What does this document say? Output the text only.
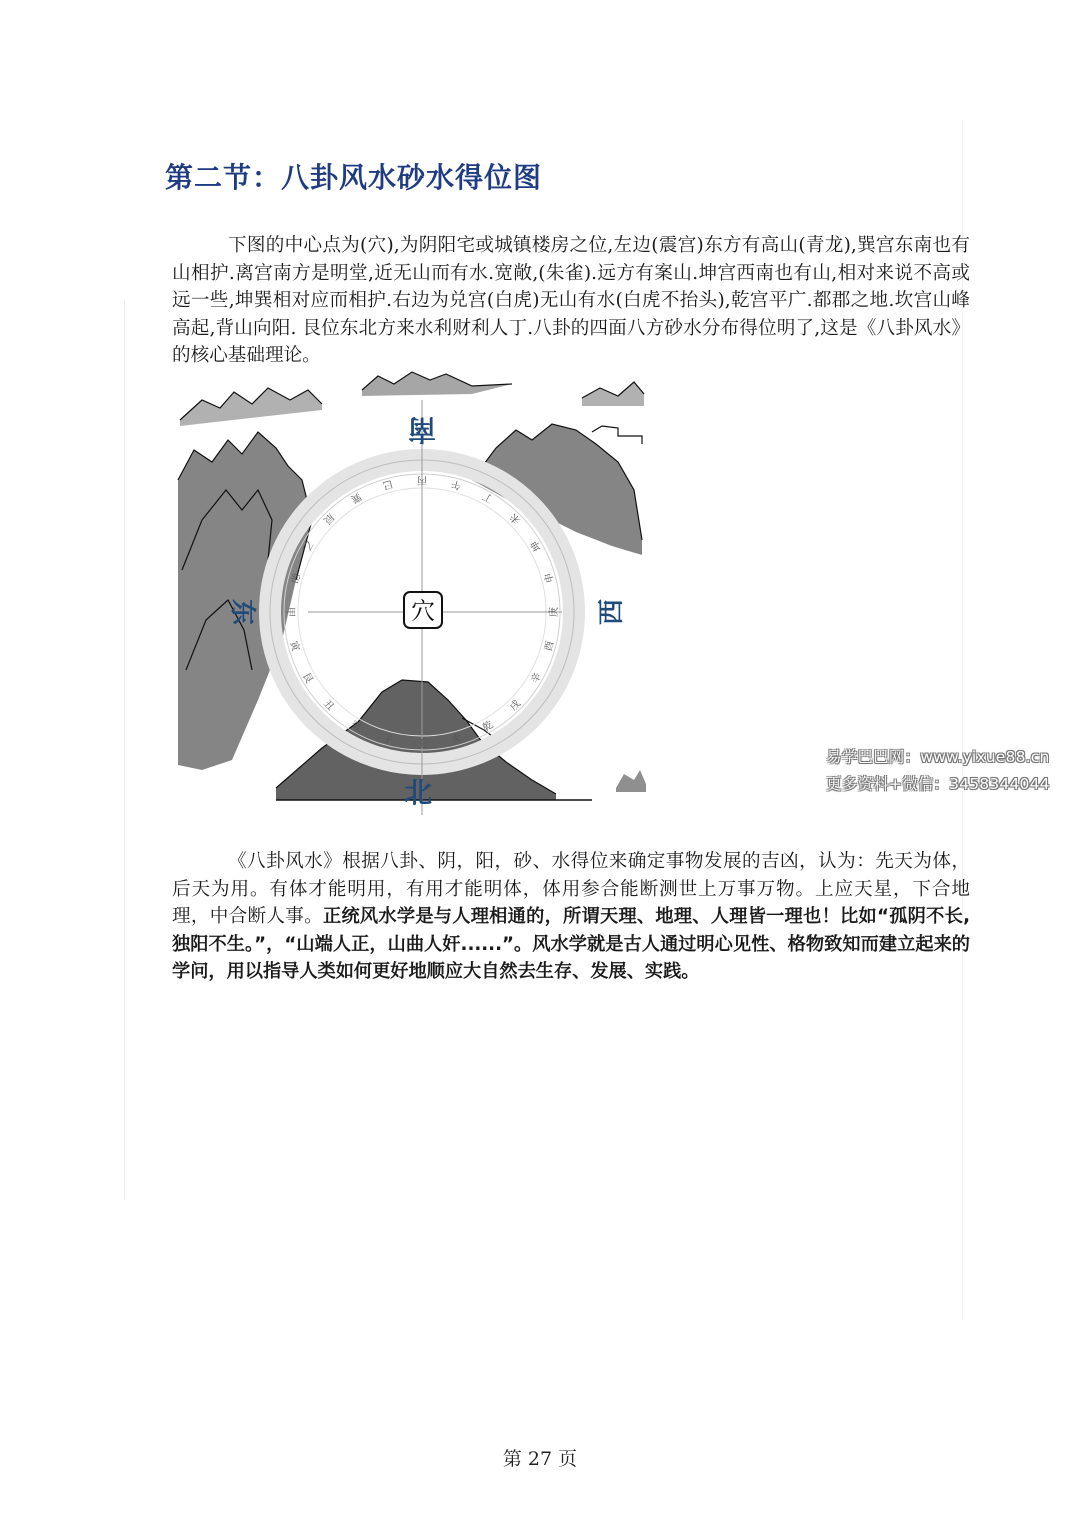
第二节：八卦风水砂水得位图

下图的中心点为(穴),为阴阳宅或城镇楼房之位,左边(震宫)东方有高山(青龙),巽宫东南也有山相护.离宫南方是明堂,近无山而有水.宽敞,(朱雀).远方有案山.坤宫西南也有山,相对来说不高或远一些,坤巽相对应而相护.右边为兑宫(白虎)无山有水(白虎不抬头),乾宫平广.都郡之地.坎宫山峰高起,背山向阳. 艮位东北方来水利财利人丁.八卦的四面八方砂水分布得位明了,这是《八卦风水》的核心基础理论。

壬
子
癸
丑
艮
寅
甲
卯
乙
辰
巽
巳 丙 午
丁
未
坤
申
庚
酉
辛
戌
乾
亥
穴
南
北
东	西
易学巴巴网：www.yixue88.cn
更多资料+微信：3458344044

《八卦风水》根据八卦、阴，阳，砂、水得位来确定事物发展的吉凶，认为：先天为体，后天为用。有体才能明用，有用才能明体，体用参合能断测世上万事万物。上应天星，下合地理，中合断人事。正统风水学是与人理相通的，所谓天理、地理、人理皆一理也！比如“孤阴不长,独阳不生。”，“山端人正，山曲人奸......”。风水学就是古人通过明心见性、格物致知而建立起来的学问，用以指导人类如何更好地顺应大自然去生存、发展、实践。

第 27 页
